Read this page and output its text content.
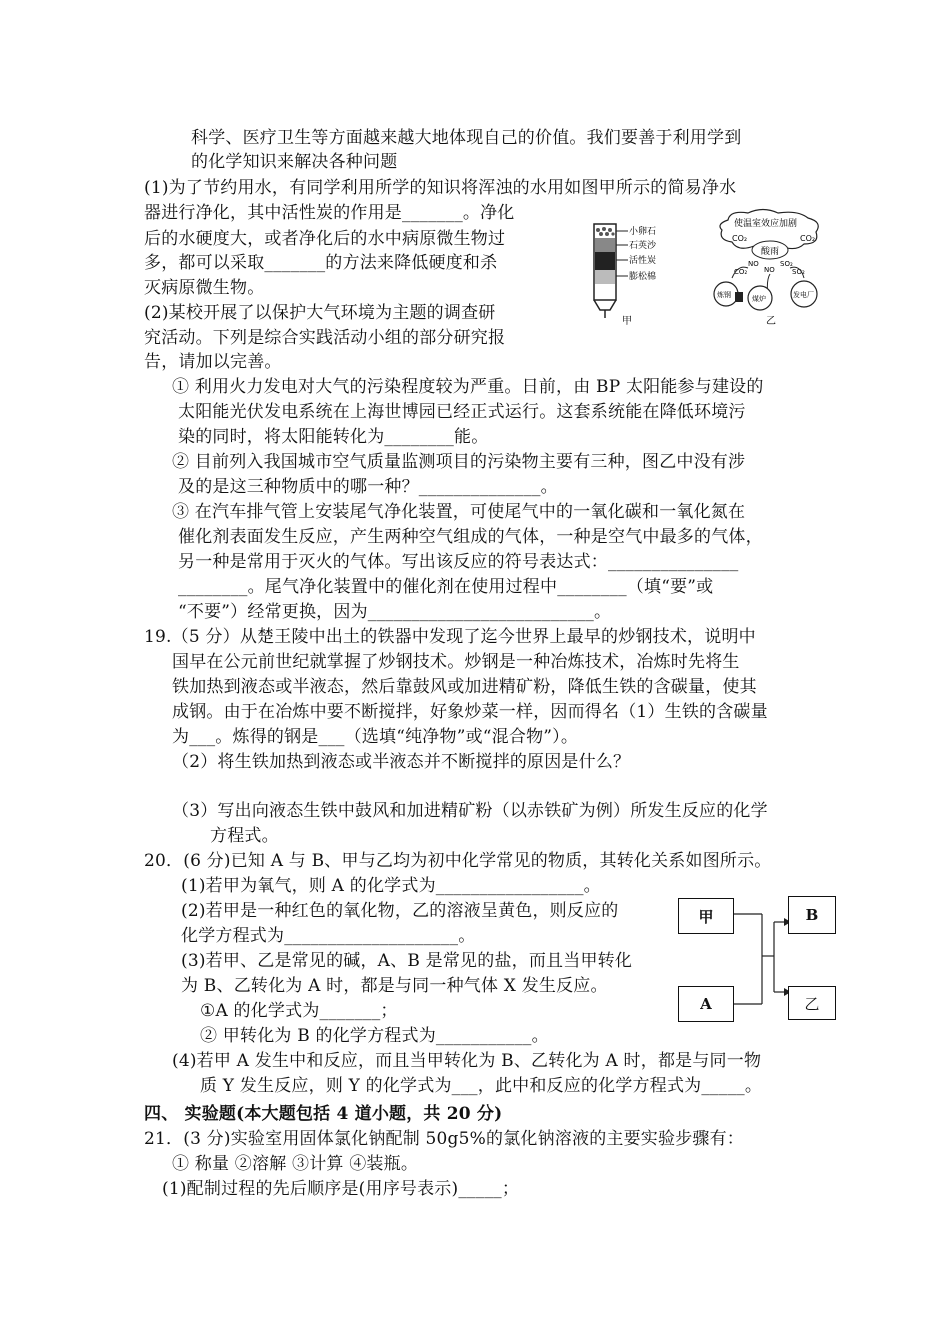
科学、医疗卫生等方面越来越大地体现自己的价值。我们要善于利用学到
的化学知识来解决各种问题
(1)为了节约用水，有同学利用所学的知识将浑浊的水用如图甲所示的简易净水
器进行净化，其中活性炭的作用是_______。净化
后的水硬度大，或者净化后的水中病原微生物过
多，都可以采取_______的方法来降低硬度和杀
灭病原微生物。
(2)某校开展了以保护大气环境为主题的调查研
究活动。下列是综合实践活动小组的部分研究报
告，请加以完善。
① 利用火力发电对大气的污染程度较为严重。日前，由 BP 太阳能参与建设的
太阳能光伏发电系统在上海世博园已经正式运行。这套系统能在降低环境污
染的同时，将太阳能转化为________能。
② 目前列入我国城市空气质量监测项目的污染物主要有三种，图乙中没有涉
及的是这三种物质中的哪一种？______________。
③ 在汽车排气管上安装尾气净化装置，可使尾气中的一氧化碳和一氧化氮在
催化剂表面发生反应，产生两种空气组成的气体，一种是空气中最多的气体，
另一种是常用于灭火的气体。写出该反应的符号表达式：_______________
________。尾气净化装置中的催化剂在使用过程中________（填“要”或
“不要”）经常更换，因为__________________________。
19.（5 分）从楚王陵中出土的铁器中发现了迄今世界上最早的炒钢技术，说明中
国早在公元前世纪就掌握了炒钢技术。炒钢是一种冶炼技术，冶炼时先将生
铁加热到液态或半液态，然后靠鼓风或加进精矿粉，降低生铁的含碳量，使其
成钢。由于在冶炼中要不断搅拌，好象炒菜一样，因而得名（1）生铁的含碳量
为___。炼得的钢是___（选填“纯净物”或“混合物”）。
（2）将生铁加热到液态或半液态并不断搅拌的原因是什么？
（3）写出向液态生铁中鼓风和加进精矿粉（以赤铁矿为例）所发生反应的化学
方程式。
20．(6 分)已知 A 与 B、甲与乙均为初中化学常见的物质，其转化关系如图所示。
(1)若甲为氧气，则 A 的化学式为_________________。
(2)若甲是一种红色的氧化物，乙的溶液呈黄色，则反应的
化学方程式为____________________。
(3)若甲、乙是常见的碱，A、B 是常见的盐，而且当甲转化
为 B、乙转化为 A 时，都是与同一种气体 X 发生反应。
①A 的化学式为_______；
② 甲转化为 B 的化学方程式为___________。
(4)若甲 A 发生中和反应，而且当甲转化为 B、乙转化为 A 时，都是与同一物
质 Y 发生反应，则 Y 的化学式为___，此中和反应的化学方程式为_____。
四、 实验题(本大题包括 4 道小题，共 20 分)
21．(3 分)实验室用固体氯化钠配制 50g5%的氯化钠溶液的主要实验步骤有：
① 称量 ②溶解 ③计算 ④装瓶。
(1)配制过程的先后顺序是(用序号表示)_____；
小卵石
石英沙
活性炭
膨松棉
甲
使温室效应加剧
CO₂	CO₂
酸雨
NO	SO₂
NO
CO₂	SO₂
炼钢	煤炉	发电厂
乙
甲	B
A	乙
